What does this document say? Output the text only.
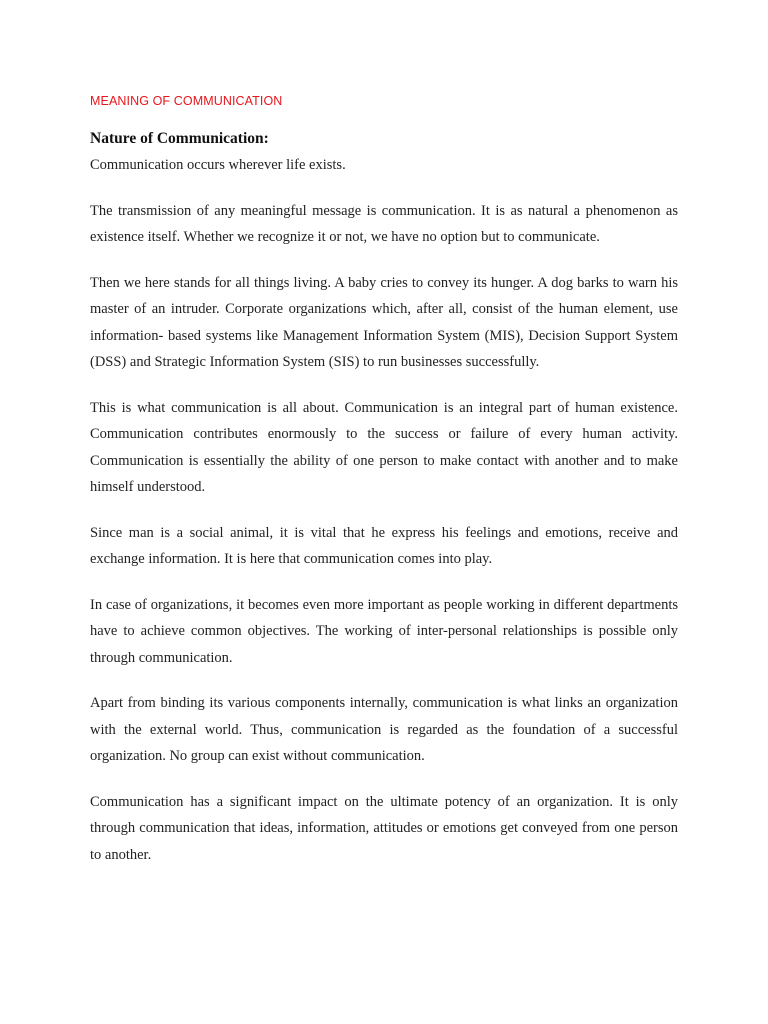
MEANING OF COMMUNICATION
Nature of Communication:

Communication occurs wherever life exists.

The transmission of any meaningful message is communication. It is as natural a phenomenon as existence itself. Whether we recognize it or not, we have no option but to communicate.

Then we here stands for all things living. A baby cries to convey its hunger. A dog barks to warn his master of an intruder. Corporate organizations which, after all, consist of the human element, use information- based systems like Management Information System (MIS), Decision Support System (DSS) and Strategic Information System (SIS) to run businesses successfully.

This is what communication is all about. Communication is an integral part of human existence. Communication contributes enormously to the success or failure of every human activity. Communication is essentially the ability of one person to make contact with another and to make himself understood.

Since man is a social animal, it is vital that he express his feelings and emotions, receive and exchange information. It is here that communication comes into play.

In case of organizations, it becomes even more important as people working in different departments have to achieve common objectives. The working of inter-personal relationships is possible only through communication.

Apart from binding its various components internally, communication is what links an organization with the external world. Thus, communication is regarded as the foundation of a successful organization. No group can exist without communication.

Communication has a significant impact on the ultimate potency of an organization. It is only through communication that ideas, information, attitudes or emotions get conveyed from one person to another.
